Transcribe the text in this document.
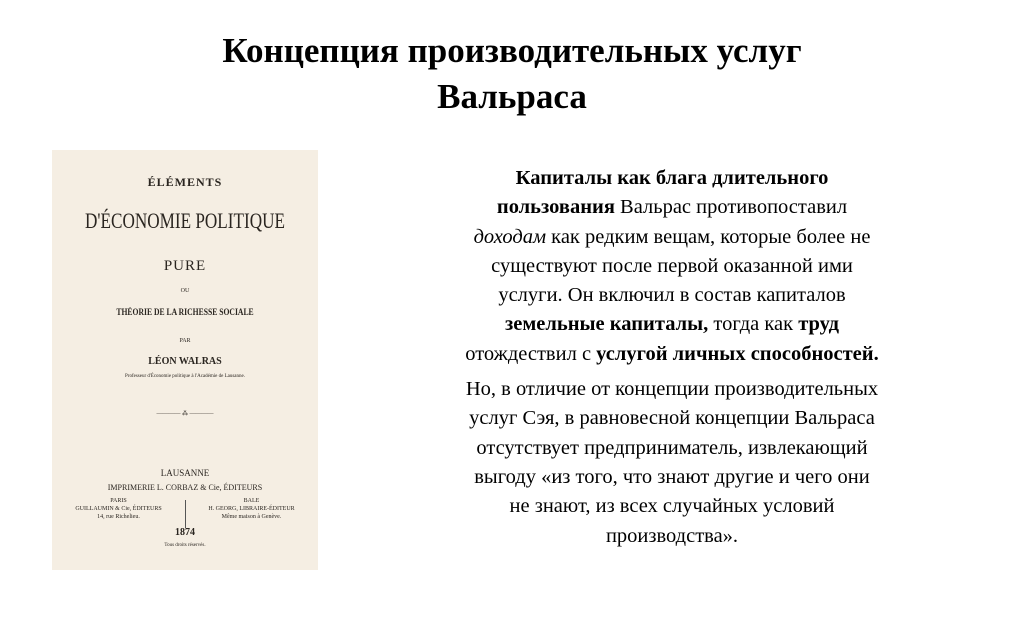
Концепция производительных услуг
Вальраса
ÉLÉMENTS
D'ÉCONOMIE POLITIQUE
PURE
OU
THÉORIE DE LA RICHESSE SOCIALE
PAR
LÉON WALRAS
Professeur d'Économie politique à l'Académie de Lausanne.
———— ⁂ ————
LAUSANNE
IMPRIMERIE L. CORBAZ & Cie, ÉDITEURS
PARIS
GUILLAUMIN & Cie, ÉDITEURS
14, rue Richelieu.
BALE
H. GEORG, LIBRAIRE-ÉDITEUR
Même maison à Genève.
1874
Tous droits réservés.
Капиталы как блага длительного
пользования Вальрас противопоставил
доходам как редким вещам, которые более не
существуют после первой оказанной ими
услуги. Он включил в состав капиталов
земельные капиталы, тогда как труд
отождествил с услугой личных способностей.
Но, в отличие от концепции производительных
услуг Сэя, в равновесной концепции Вальраса
отсутствует предприниматель, извлекающий
выгоду «из того, что знают другие и чего они
не знают, из всех случайных условий
производства».
